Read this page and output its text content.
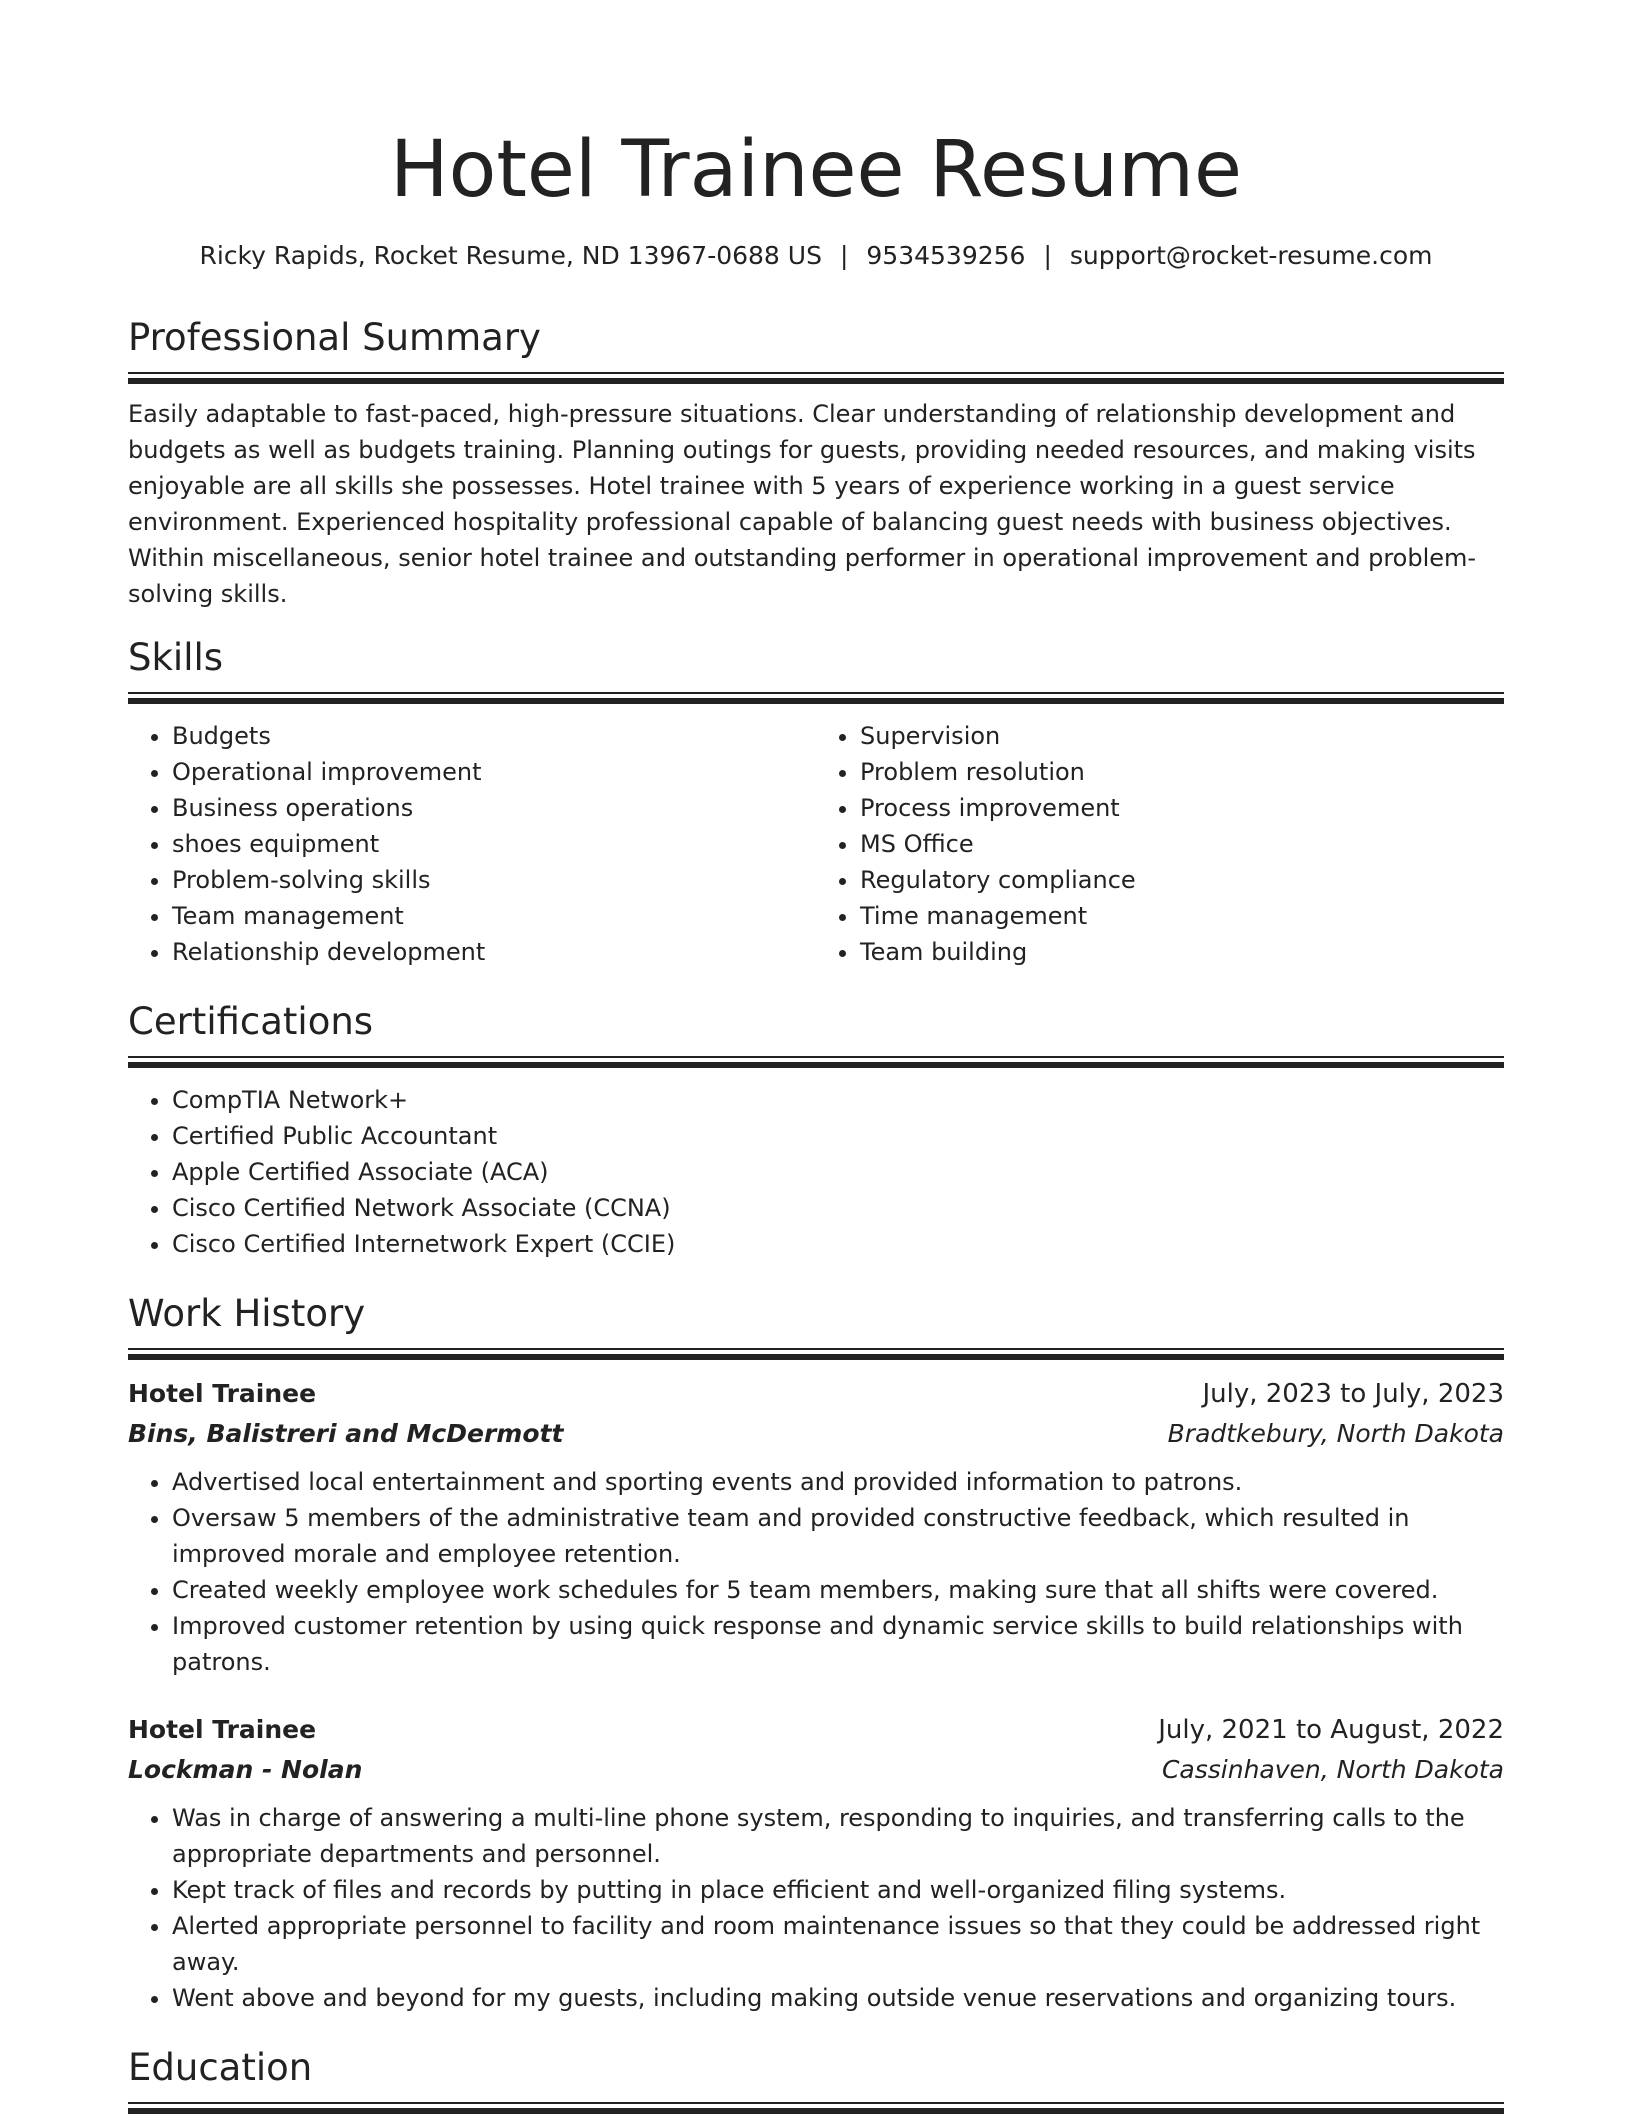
Hotel Trainee Resume
Ricky Rapids, Rocket Resume, ND 13967-0688 US | 9534539256 | support@rocket-resume.com
Professional Summary

Easily adaptable to fast-paced, high-pressure situations. Clear understanding of relationship development and budgets as well as budgets training. Planning outings for guests, providing needed resources, and making visits enjoyable are all skills she possesses. Hotel trainee with 5 years of experience working in a guest service environment. Experienced hospitality professional capable of balancing guest needs with business objectives. Within miscellaneous, senior hotel trainee and outstanding performer in operational improvement and problem-solving skills.

Skills
• Budgets
• Operational improvement
• Business operations
• shoes equipment
• Problem-solving skills
• Team management
• Relationship development
• Supervision
• Problem resolution
• Process improvement
• MS Office
• Regulatory compliance
• Time management
• Team building
Certifications
• CompTIA Network+
• Certified Public Accountant
• Apple Certified Associate (ACA)
• Cisco Certified Network Associate (CCNA)
• Cisco Certified Internetwork Expert (CCIE)
Work History
Hotel Trainee	July, 2023 to July, 2023
Bins, Balistreri and McDermott	Bradtkebury, North Dakota
• Advertised local entertainment and sporting events and provided information to patrons.
• Oversaw 5 members of the administrative team and provided constructive feedback, which resulted in improved morale and employee retention.
• Created weekly employee work schedules for 5 team members, making sure that all shifts were covered.
• Improved customer retention by using quick response and dynamic service skills to build relationships with patrons.
Hotel Trainee	July, 2021 to August, 2022
Lockman - Nolan	Cassinhaven, North Dakota
• Was in charge of answering a multi-line phone system, responding to inquiries, and transferring calls to the appropriate departments and personnel.
• Kept track of files and records by putting in place efficient and well-organized filing systems.
• Alerted appropriate personnel to facility and room maintenance issues so that they could be addressed right away.
• Went above and beyond for my guests, including making outside venue reservations and organizing tours.
Education
